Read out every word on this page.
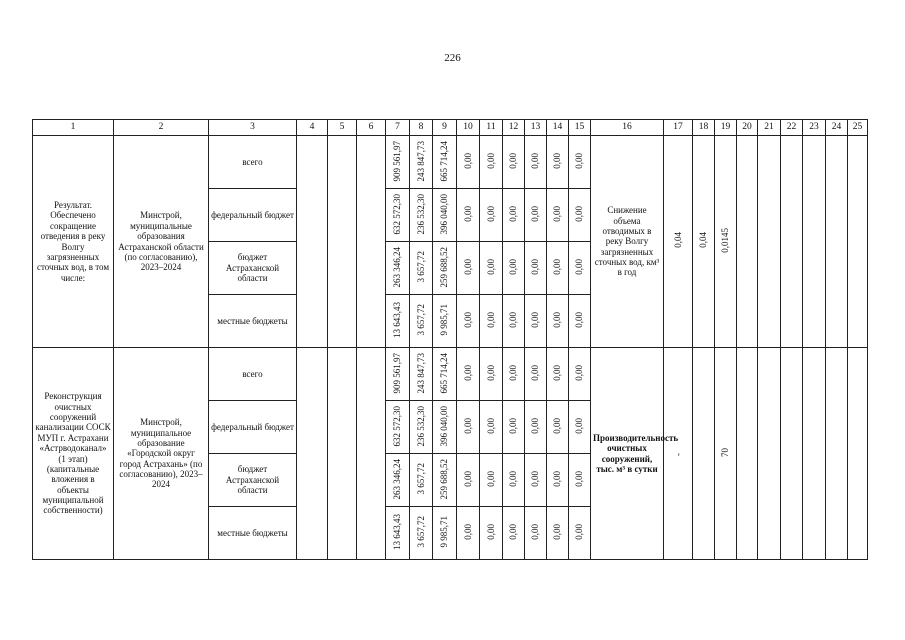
226
1	2	3	4	5	6	7	8	9	10	11	12	13	14	15	16	17	18	19	20	21	22	23	24	25
Результат. Обеспечено сокращение отведения в реку Волгу загрязненных сточных вод, в том числе:	Минстрой, муниципальные образования Астраханской области (по согласованию), 2023–2024	всего				909 561,97	243 847,73	665 714,24	0,00	0,00	0,00	0,00	0,00	0,00	Снижение объема отводимых в реку Волгу загрязненных сточных вод, км³ в год	0,04	0,04	0,0145						
		федеральный бюджет				632 572,30	236 532,30	396 040,00	0,00	0,00	0,00	0,00	0,00	0,00										
		бюджет Астраханской области				263 346,24	3 657,72	259 688,52	0,00	0,00	0,00	0,00	0,00	0,00										
		местные бюджеты				13 643,43	3 657,72	9 985,71	0,00	0,00	0,00	0,00	0,00	0,00										
Реконструкция очистных сооружений канализации СОСК МУП г. Астрахани «Астрводоканал» (1 этап) (капитальные вложения в объекты муниципальной собственности)	Минстрой, муниципальное образование «Городской округ город Астрахань» (по согласованию), 2023–2024	всего				909 561,97	243 847,73	665 714,24	0,00	0,00	0,00	0,00	0,00	0,00	Производительность очистных сооружений, тыс. м³ в сутки	-		70						
		федеральный бюджет				632 572,30	236 532,30	396 040,00	0,00	0,00	0,00	0,00	0,00	0,00										
		бюджет Астраханской области				263 346,24	3 657,72	259 688,52	0,00	0,00	0,00	0,00	0,00	0,00										
		местные бюджеты				13 643,43	3 657,72	9 985,71	0,00	0,00	0,00	0,00	0,00	0,00										
